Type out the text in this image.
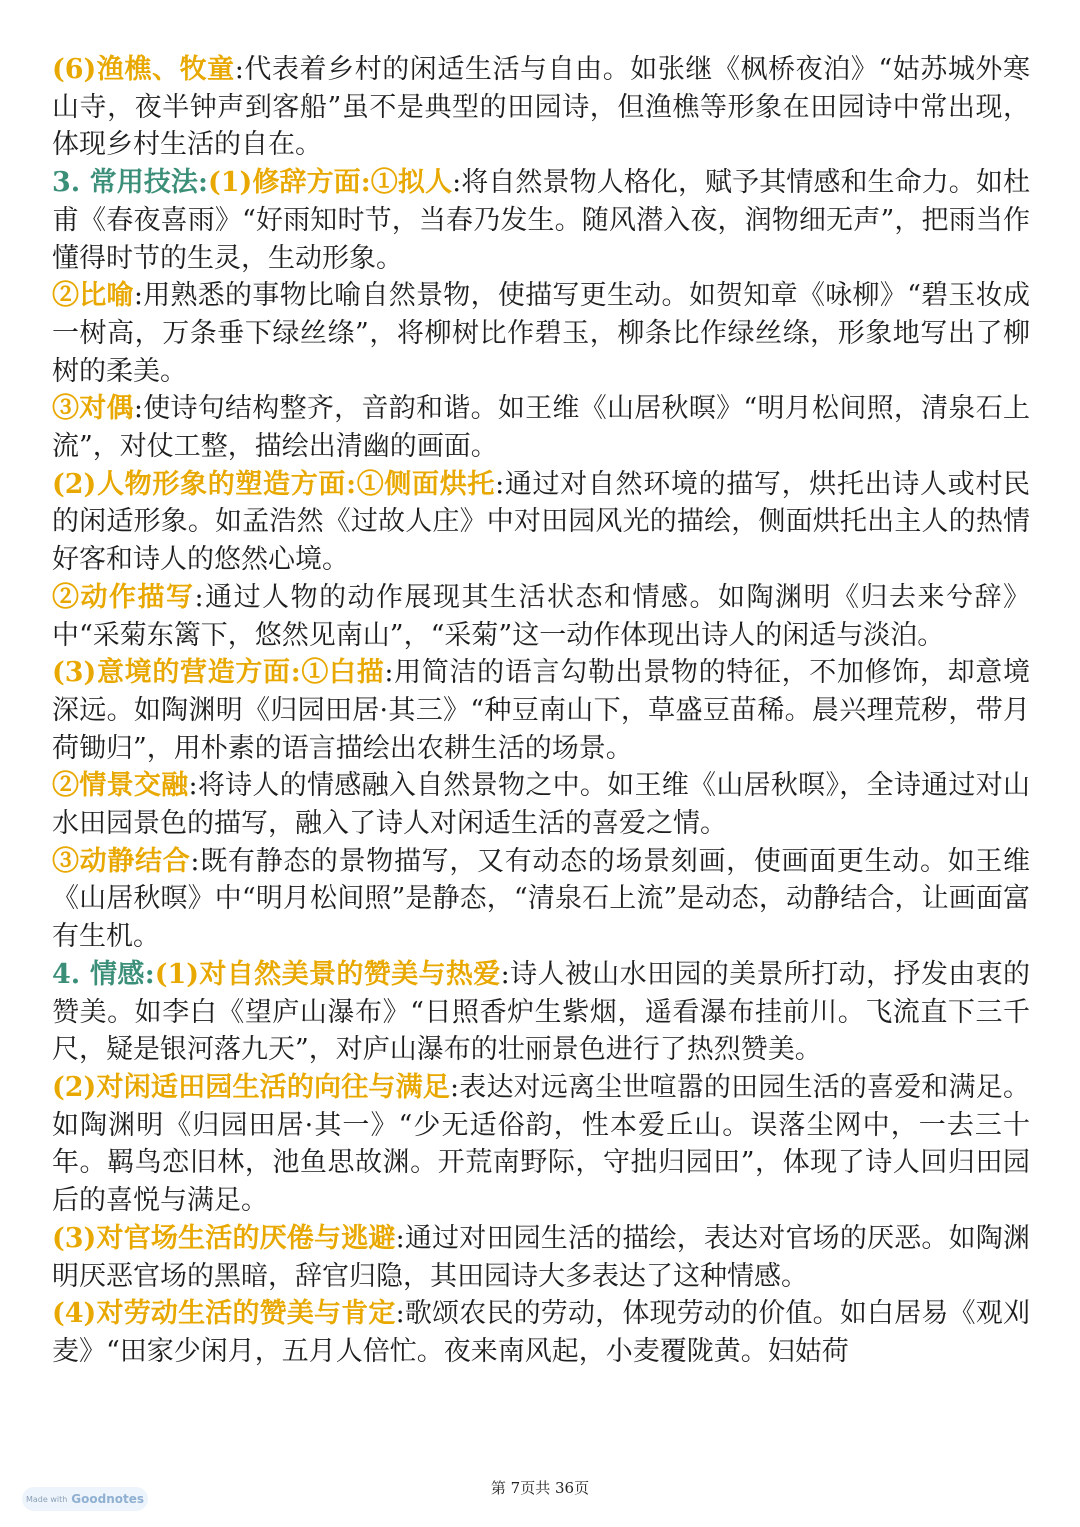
(6)渔樵、牧童:代表着乡村的闲适生活与自由。如张继《枫桥夜泊》“姑苏城外寒山寺，夜半钟声到客船”虽不是典型的田园诗，但渔樵等形象在田园诗中常出现，体现乡村生活的自在。

3. 常用技法:(1)修辞方面:①拟人:将自然景物人格化，赋予其情感和生命力。如杜甫《春夜喜雨》“好雨知时节，当春乃发生。随风潜入夜，润物细无声”，把雨当作懂得时节的生灵，生动形象。

②比喻:用熟悉的事物比喻自然景物，使描写更生动。如贺知章《咏柳》“碧玉妆成一树高，万条垂下绿丝绦”，将柳树比作碧玉，柳条比作绿丝绦，形象地写出了柳树的柔美。

③对偶:使诗句结构整齐，音韵和谐。如王维《山居秋暝》“明月松间照，清泉石上流”，对仗工整，描绘出清幽的画面。

(2)人物形象的塑造方面:①侧面烘托:通过对自然环境的描写，烘托出诗人或村民的闲适形象。如孟浩然《过故人庄》中对田园风光的描绘，侧面烘托出主人的热情好客和诗人的悠然心境。

②动作描写:通过人物的动作展现其生活状态和情感。如陶渊明《归去来兮辞》中“采菊东篱下，悠然见南山”，“采菊”这一动作体现出诗人的闲适与淡泊。

(3)意境的营造方面:①白描:用简洁的语言勾勒出景物的特征，不加修饰，却意境深远。如陶渊明《归园田居·其三》“种豆南山下，草盛豆苗稀。晨兴理荒秽，带月荷锄归”，用朴素的语言描绘出农耕生活的场景。

②情景交融:将诗人的情感融入自然景物之中。如王维《山居秋暝》，全诗通过对山水田园景色的描写，融入了诗人对闲适生活的喜爱之情。

③动静结合:既有静态的景物描写，又有动态的场景刻画，使画面更生动。如王维《山居秋暝》中“明月松间照”是静态，“清泉石上流”是动态，动静结合，让画面富有生机。

4. 情感:(1)对自然美景的赞美与热爱:诗人被山水田园的美景所打动，抒发由衷的赞美。如李白《望庐山瀑布》“日照香炉生紫烟，遥看瀑布挂前川。飞流直下三千尺，疑是银河落九天”，对庐山瀑布的壮丽景色进行了热烈赞美。

(2)对闲适田园生活的向往与满足:表达对远离尘世喧嚣的田园生活的喜爱和满足。如陶渊明《归园田居·其一》“少无适俗韵，性本爱丘山。误落尘网中，一去三十年。羁鸟恋旧林，池鱼思故渊。开荒南野际，守拙归园田”，体现了诗人回归田园后的喜悦与满足。

(3)对官场生活的厌倦与逃避:通过对田园生活的描绘，表达对官场的厌恶。如陶渊明厌恶官场的黑暗，辞官归隐，其田园诗大多表达了这种情感。

(4)对劳动生活的赞美与肯定:歌颂农民的劳动，体现劳动的价值。如白居易《观刈麦》“田家少闲月，五月人倍忙。夜来南风起，小麦覆陇黄。妇姑荷

第 7页共 36页
Made with Goodnotes
